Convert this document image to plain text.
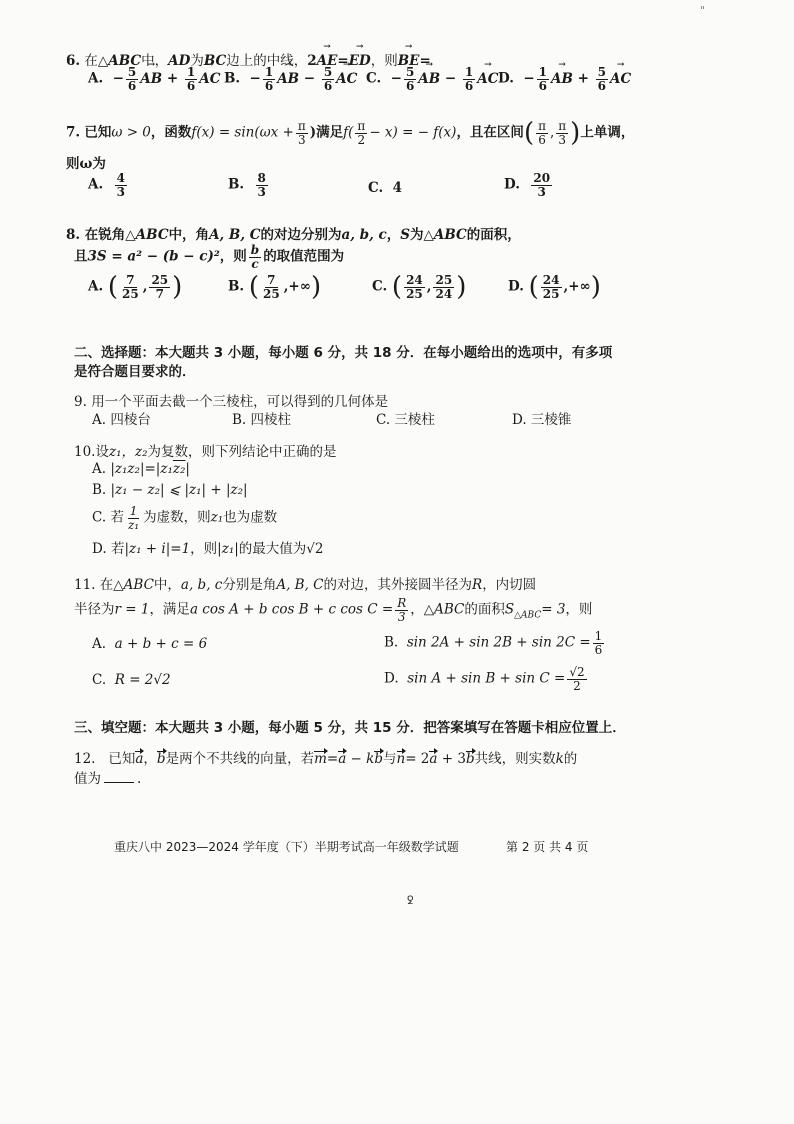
"
6. 在△ABC中，AD为BC边上的中线，2→ AE=→ ED，则→ BE=
A.  − $\frac{5}{6}$ → AB + $\frac{1}{6}$ → AC B.  − $\frac{1}{6}$ → AB − $\frac{5}{6}$ → AC C.  − $\frac{5}{6}$ → AB − $\frac{1}{6}$ → AC D.  − $\frac{1}{6}$ → AB + $\frac{5}{6}$ → AC
7. 已知ω > 0，函数$f(x) = \sin(\omega x + \frac{\pi}{3}$ )满足$f( \frac{\pi}{2} - x)$ = − f(x)，且在区间( $\frac{\pi}{6}$ , $\frac{\pi}{3}$ )上单调，
则ω为
A. $\frac{4}{3}$	B. $\frac{8}{3}$	C. 4	D. $\frac{20}{3}$
8. 在锐角△ABC中，角A, B, C的对边分别为a, b, c，S为△ABC的面积，
且3S = a² − (b − c)²，则 $\frac{b}{c}$ 的取值范围为
A. ( $\frac{7}{25}$ , $\frac{25}{7}$ )	B. ( $\frac{7}{25}$ ,+∞)	C. ( $\frac{24}{25}$ , $\frac{25}{24}$ )	D. ( $\frac{24}{25}$ ,+∞)
二、选择题：本大题共 3 小题，每小题 6 分，共 18 分．在每小题给出的选项中，有多项
是符合题目要求的．
9. 用一个平面去截一个三棱柱，可以得到的几何体是
A. 四棱台	B. 四棱柱	C. 三棱柱	D. 三棱锥
10.设z₁，z₂为复数，则下列结论中正确的是
A. |z₁z₂|=|z₁z₂|
B. |z₁ − z₂| ⩽ |z₁| + |z₂|
C. 若 $\frac{1}{\text{z₁}}$ 为虚数，则z₁也为虚数
D. 若|z₁ + i|=1，则|z₁|的最大值为√2
11. 在△ABC中，a, b, c分别是角A, B, C的对边，其外接圆半径为R，内切圆
半径为r = 1，满足a cos A + b cos B + c $\cos C = \frac{R}{3}$ ，△ABC的面积$S_{\triangle ABC}= 3$，则
A. a + b + c = 6	B. $\sin 2A + \sin 2B + \sin 2C = \frac{1}{6}$
C. R = 2√2	D. $\sin A + \sin B + \sin C = \frac{√2}{2}$
三、填空题：本大题共 3 小题，每小题 5 分，共 15 分．把答案填写在答题卡相应位置上．
12. 已知a，b是两个不共线的向量，若m=a − kb与n= 2a + 3b共线，则实数k的
值为	.
重庆八中 2023—2024 学年度（下）半期考试高一年级数学试题	第 2 页 共 4 页
ꝿ
